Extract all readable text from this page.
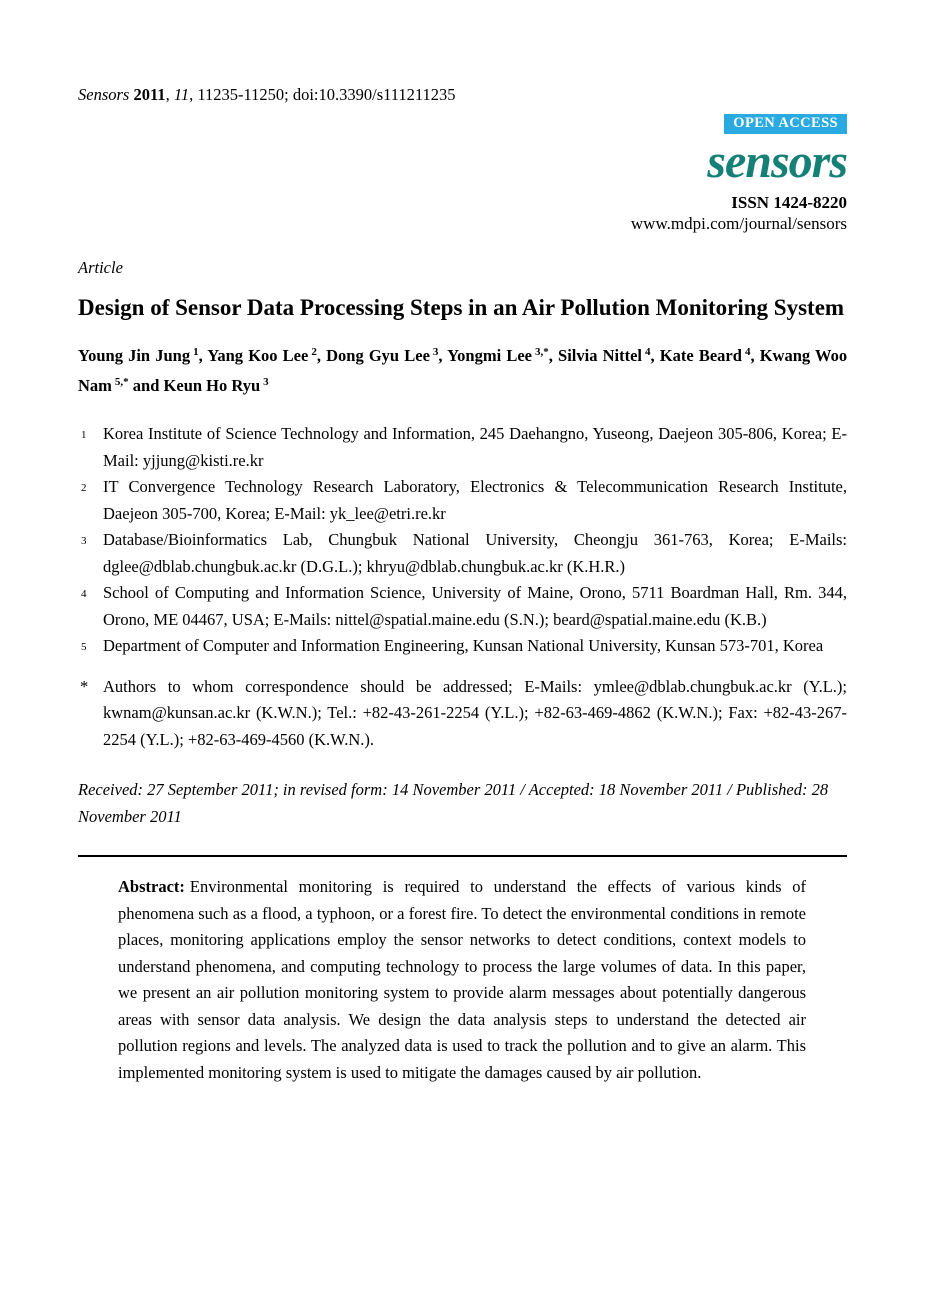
Sensors 2011, 11, 11235-11250; doi:10.3390/s111211235
OPEN ACCESS
sensors
ISSN 1424-8220
www.mdpi.com/journal/sensors
Article
Design of Sensor Data Processing Steps in an Air Pollution Monitoring System

Young Jin Jung $^1$, Yang Koo Lee $^2$, Dong Gyu Lee $^3$, Yongmi Lee $^{3,*}$, Silvia Nittel $^4$, Kate Beard $^4$, Kwang Woo Nam $^{5,*}$ and Keun Ho Ryu $^3$

1 Korea Institute of Science Technology and Information, 245 Daehangno, Yuseong, Daejeon 305-806, Korea; E-Mail: yjjung@kisti.re.kr
2 IT Convergence Technology Research Laboratory, Electronics & Telecommunication Research Institute, Daejeon 305-700, Korea; E-Mail: yk_lee@etri.re.kr
3 Database/Bioinformatics Lab, Chungbuk National University, Cheongju 361-763, Korea; E-Mails: dglee@dblab.chungbuk.ac.kr (D.G.L.); khryu@dblab.chungbuk.ac.kr (K.H.R.)
4 School of Computing and Information Science, University of Maine, Orono, 5711 Boardman Hall, Rm. 344, Orono, ME 04467, USA; E-Mails: nittel@spatial.maine.edu (S.N.); beard@spatial.maine.edu (K.B.)
5 Department of Computer and Information Engineering, Kunsan National University, Kunsan 573-701, Korea
* Authors to whom correspondence should be addressed; E-Mails: ymlee@dblab.chungbuk.ac.kr (Y.L.); kwnam@kunsan.ac.kr (K.W.N.); Tel.: +82-43-261-2254 (Y.L.); +82-63-469-4862 (K.W.N.); Fax: +82-43-267-2254 (Y.L.); +82-63-469-4560 (K.W.N.).

Received: 27 September 2011; in revised form: 14 November 2011 / Accepted: 18 November 2011 / Published: 28 November 2011

Abstract: Environmental monitoring is required to understand the effects of various kinds of phenomena such as a flood, a typhoon, or a forest fire. To detect the environmental conditions in remote places, monitoring applications employ the sensor networks to detect conditions, context models to understand phenomena, and computing technology to process the large volumes of data. In this paper, we present an air pollution monitoring system to provide alarm messages about potentially dangerous areas with sensor data analysis. We design the data analysis steps to understand the detected air pollution regions and levels. The analyzed data is used to track the pollution and to give an alarm. This implemented monitoring system is used to mitigate the damages caused by air pollution.
